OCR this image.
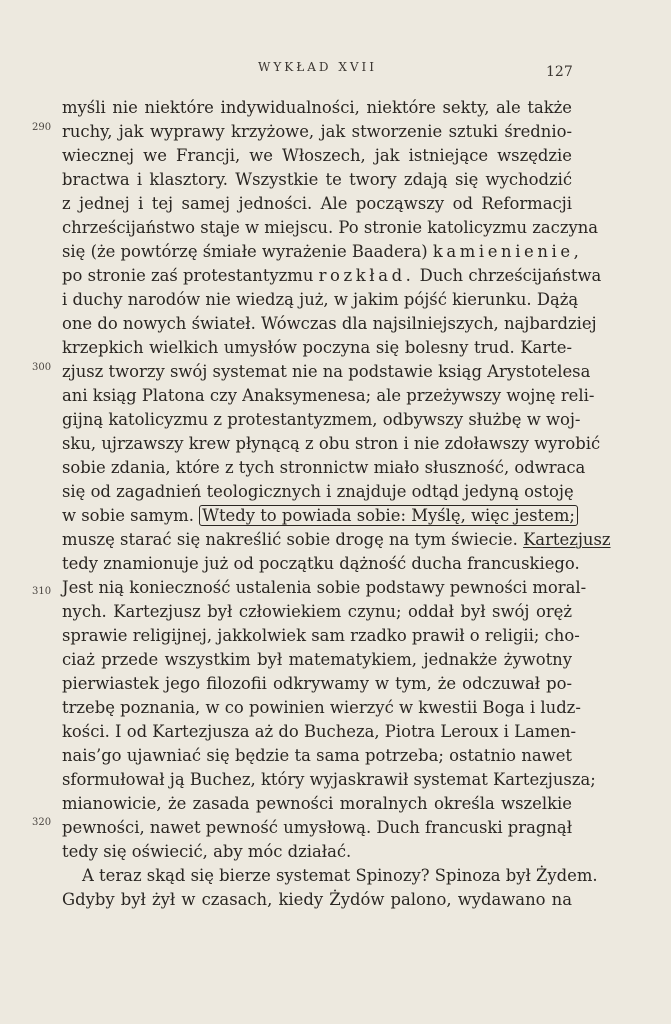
WYKŁAD XVII	127
290
300
310
320
myśli nie niektóre indywidualności, niektóre sekty, ale także
ruchy, jak wyprawy krzyżowe, jak stworzenie sztuki średnio-
wiecznej we Francji, we Włoszech, jak istniejące wszędzie
bractwa i klasztory. Wszystkie te twory zdają się wychodzić
z jednej i tej samej jedności. Ale począwszy od Reformacji
chrześcijaństwo staje w miejscu. Po stronie katolicyzmu zaczyna
się (że powtórzę śmiałe wyrażenie Baadera) kamienienie,
po stronie zaś protestantyzmu rozkład. Duch chrześcijaństwa
i duchy narodów nie wiedzą już, w jakim pójść kierunku. Dążą
one do nowych świateł. Wówczas dla najsilniejszych, najbardziej
krzepkich wielkich umysłów poczyna się bolesny trud. Karte-
zjusz tworzy swój systemat nie na podstawie ksiąg Arystotelesa
ani ksiąg Platona czy Anaksymenesa; ale przeżywszy wojnę reli-
gijną katolicyzmu z protestantyzmem, odbywszy służbę w woj-
sku, ujrzawszy krew płynącą z obu stron i nie zdoławszy wyrobić
sobie zdania, które z tych stronnictw miało słuszność, odwraca
się od zagadnień teologicznych i znajduje odtąd jedyną ostoję
w sobie samym. Wtedy to powiada sobie: Myślę, więc jestem;
muszę starać się nakreślić sobie drogę na tym świecie. Kartezjusz
tedy znamionuje już od początku dążność ducha francuskiego.
Jest nią konieczność ustalenia sobie podstawy pewności moral-
nych. Kartezjusz był człowiekiem czynu; oddał był swój oręż
sprawie religijnej, jakkolwiek sam rzadko prawił o religii; cho-
ciaż przede wszystkim był matematykiem, jednakże żywotny
pierwiastek jego filozofii odkrywamy w tym, że odczuwał po-
trzebę poznania, w co powinien wierzyć w kwestii Boga i ludz-
kości. I od Kartezjusza aż do Bucheza, Piotra Leroux i Lamen-
nais’go ujawniać się będzie ta sama potrzeba; ostatnio nawet
sformułował ją Buchez, który wyjaskrawił systemat Kartezjusza;
mianowicie, że zasada pewności moralnych określa wszelkie
pewności, nawet pewność umysłową. Duch francuski pragnął
tedy się oświecić, aby móc działać.
A teraz skąd się bierze systemat Spinozy? Spinoza był Żydem.
Gdyby był żył w czasach, kiedy Żydów palono, wydawano na
